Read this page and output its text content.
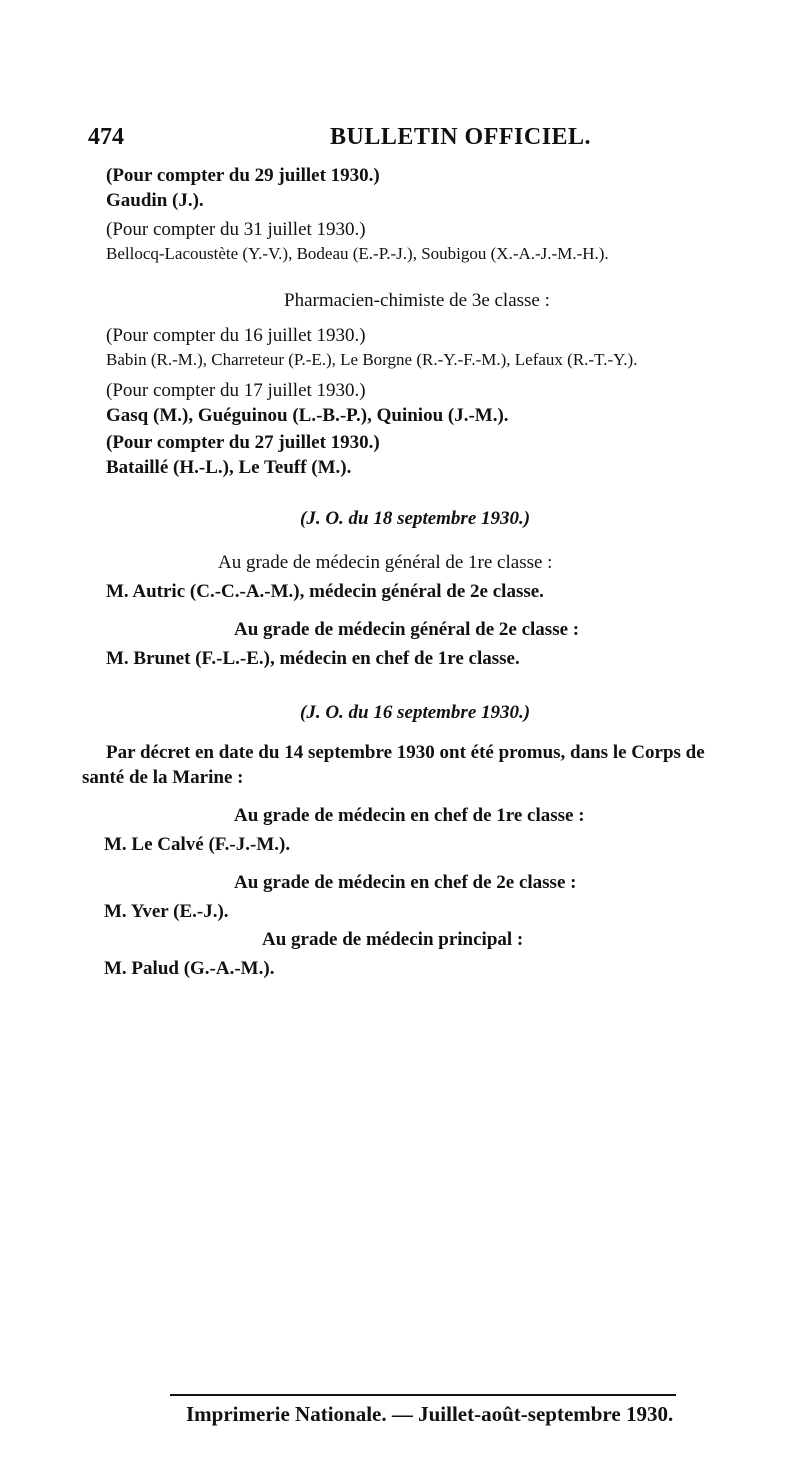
474	BULLETIN OFFICIEL.
(Pour compter du 29 juillet 1930.)
Gaudin (J.).
(Pour compter du 31 juillet 1930.)
Bellocq-Lacoustète (Y.-V.), Bodeau (E.-P.-J.), Soubigou (X.-A.-J.-M.-H.).
Pharmacien-chimiste de 3e classe :
(Pour compter du 16 juillet 1930.)
Babin (R.-M.), Charreteur (P.-E.), Le Borgne (R.-Y.-F.-M.), Lefaux (R.-T.-Y.).
(Pour compter du 17 juillet 1930.)
Gasq (M.), Guéguinou (L.-B.-P.), Quiniou (J.-M.).
(Pour compter du 27 juillet 1930.)
Bataillé (H.-L.), Le Teuff (M.).
(J. O. du 18 septembre 1930.)
Au grade de médecin général de 1re classe :
M. Autric (C.-C.-A.-M.), médecin général de 2e classe.
Au grade de médecin général de 2e classe :
M. Brunet (F.-L.-E.), médecin en chef de 1re classe.
(J. O. du 16 septembre 1930.)
Par décret en date du 14 septembre 1930 ont été promus, dans le Corps de
santé de la Marine :
Au grade de médecin en chef de 1re classe :
M. Le Calvé (F.-J.-M.).
Au grade de médecin en chef de 2e classe :
M. Yver (E.-J.).
Au grade de médecin principal :
M. Palud (G.-A.-M.).
Imprimerie Nationale. — Juillet-août-septembre 1930.
